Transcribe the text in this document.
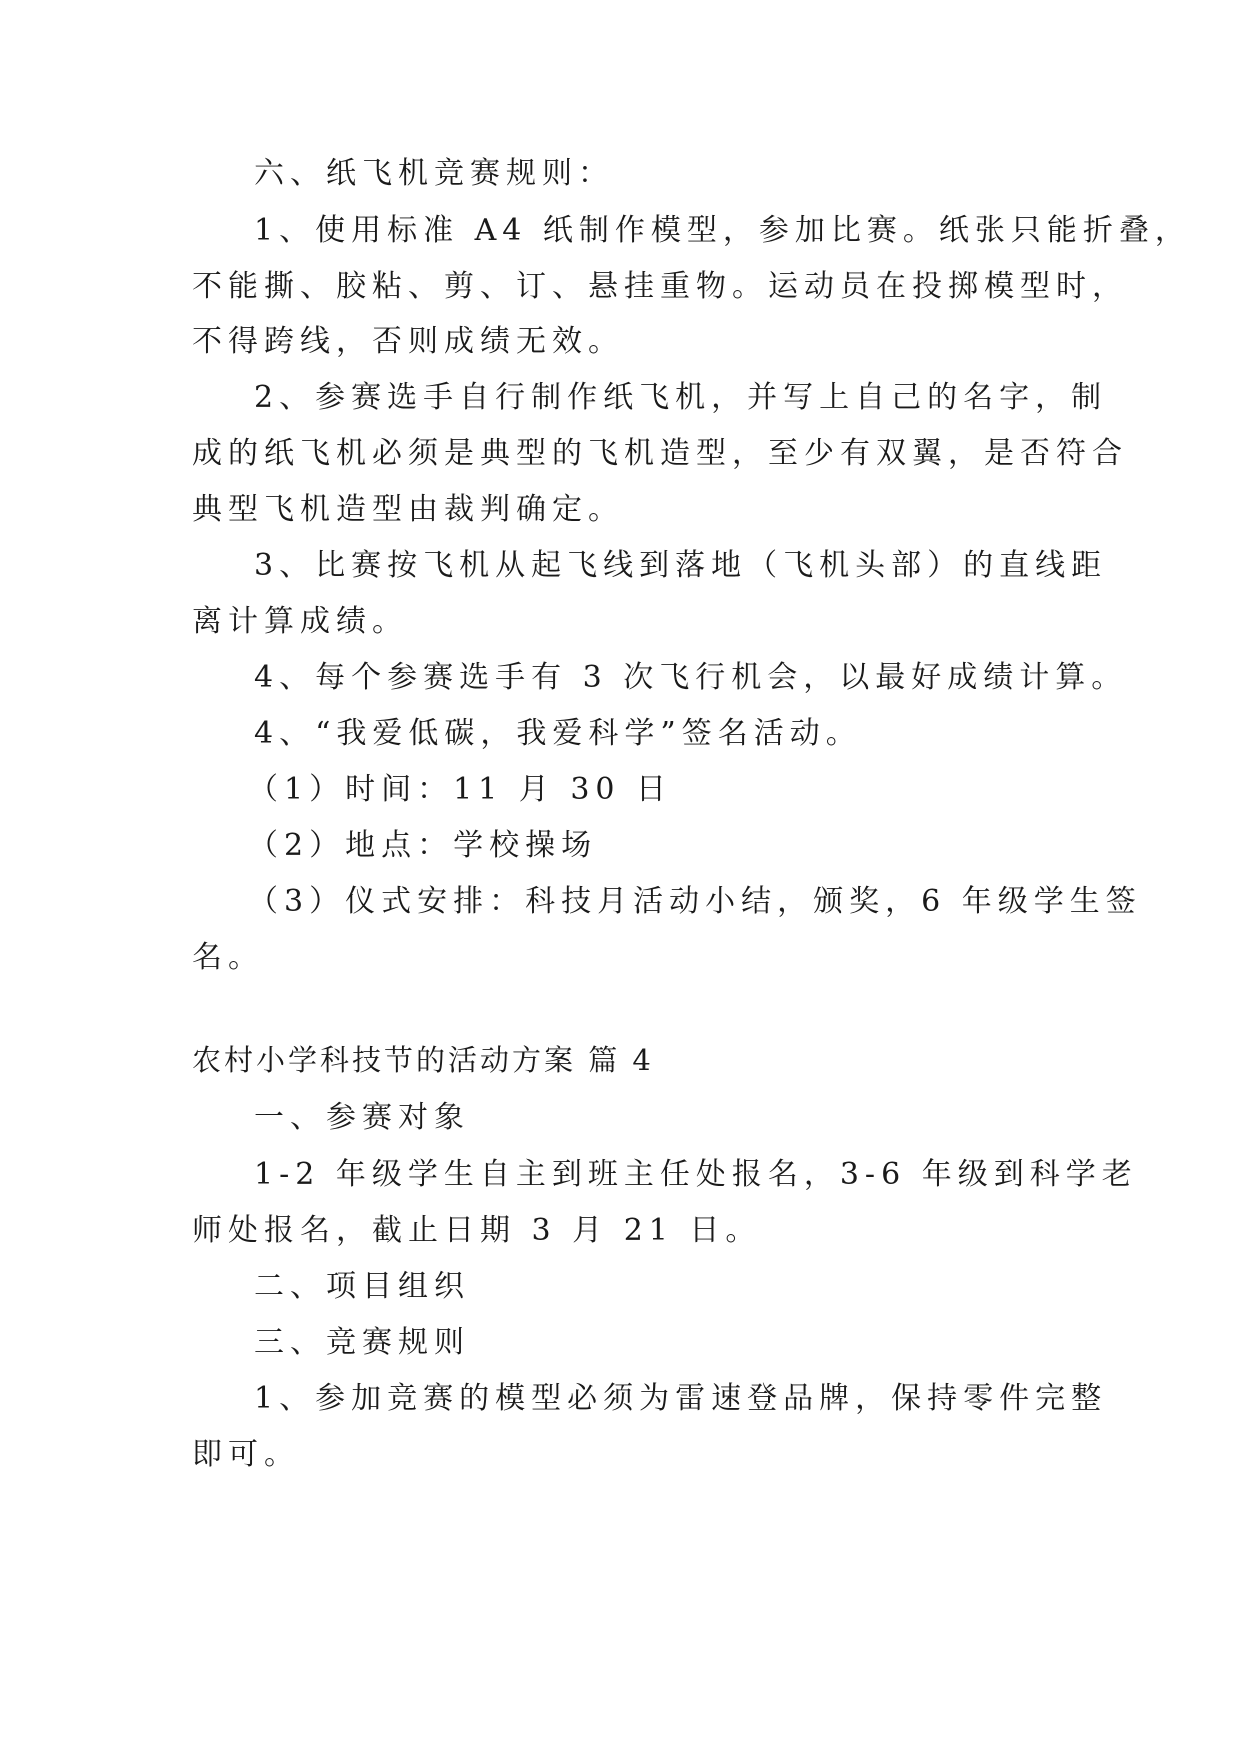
六、纸飞机竞赛规则：
1、使用标准 A4 纸制作模型，参加比赛。纸张只能折叠，
不能撕、胶粘、剪、订、悬挂重物。运动员在投掷模型时，
不得跨线，否则成绩无效。
2、参赛选手自行制作纸飞机，并写上自己的名字，制
成的纸飞机必须是典型的飞机造型，至少有双翼，是否符合
典型飞机造型由裁判确定。
3、比赛按飞机从起飞线到落地（飞机头部）的直线距
离计算成绩。
4、每个参赛选手有 3 次飞行机会，以最好成绩计算。
4、“我爱低碳，我爱科学”签名活动。
（1）时间：11 月 30 日
（2）地点：学校操场
（3）仪式安排：科技月活动小结，颁奖，6 年级学生签
名。
农村小学科技节的活动方案 篇 4
一、参赛对象
1-2 年级学生自主到班主任处报名，3-6 年级到科学老
师处报名，截止日期 3 月 21 日。
二、项目组织
三、竞赛规则
1、参加竞赛的模型必须为雷速登品牌，保持零件完整
即可。
